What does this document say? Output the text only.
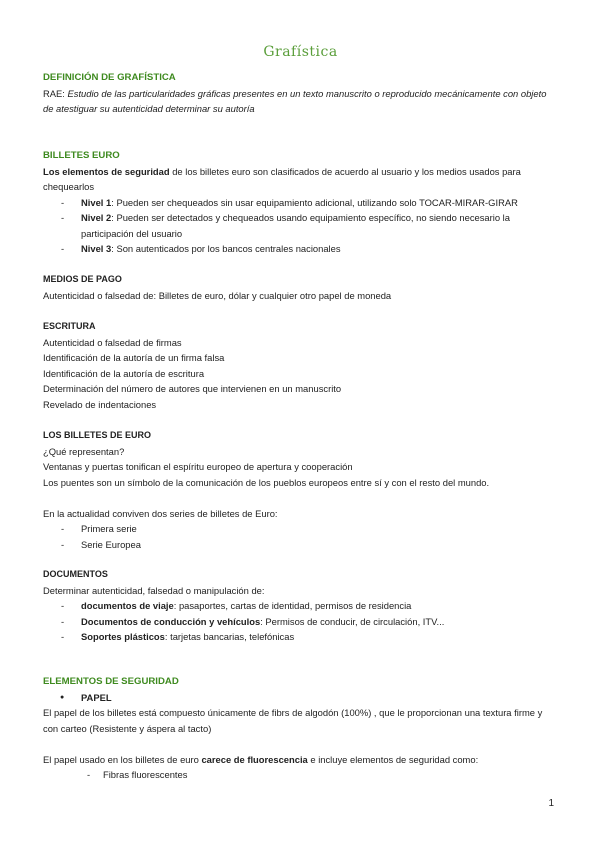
Grafística
DEFINICIÓN DE GRAFÍSTICA
RAE: Estudio de las particularidades gráficas presentes en un texto manuscrito o reproducido mecánicamente con objeto de atestiguar su autenticidad determinar su autoría
BILLETES EURO
Los elementos de seguridad de los billetes euro son clasificados de acuerdo al usuario y los medios usados para chequearlos
- Nivel 1: Pueden ser chequeados sin usar equipamiento adicional, utilizando solo TOCAR-MIRAR-GIRAR
- Nivel 2: Pueden ser detectados y chequeados usando equipamiento específico, no siendo necesario la participación del usuario
- Nivel 3: Son autenticados por los bancos centrales nacionales
MEDIOS DE PAGO
Autenticidad o falsedad de: Billetes de euro, dólar y cualquier otro papel de moneda
ESCRITURA
Autenticidad o falsedad de firmas
Identificación de la autoría de un firma falsa
Identificación de la autoría de escritura
Determinación del número de autores que intervienen en un manuscrito
Revelado de indentaciones
LOS BILLETES DE EURO
¿Qué representan?
Ventanas y puertas tonifican el espíritu europeo de apertura y cooperación
Los puentes son un símbolo de la comunicación de los pueblos europeos entre sí y con el resto del mundo.
En la actualidad conviven dos series de billetes de Euro:
- Primera serie
- Serie Europea
DOCUMENTOS
Determinar autenticidad, falsedad o manipulación de:
- documentos de viaje: pasaportes, cartas de identidad, permisos de residencia
- Documentos de conducción y vehículos: Permisos de conducir, de circulación, ITV...
- Soportes plásticos: tarjetas bancarias, telefónicas
ELEMENTOS DE SEGURIDAD
● PAPEL
El papel de los billetes está compuesto únicamente de fibrs de algodón (100%) , que le proporcionan una textura firme y con carteo (Resistente y áspera al tacto)
El papel usado en los billetes de euro carece de fluorescencia e incluye elementos de seguridad como:
- Fibras fluorescentes
1
